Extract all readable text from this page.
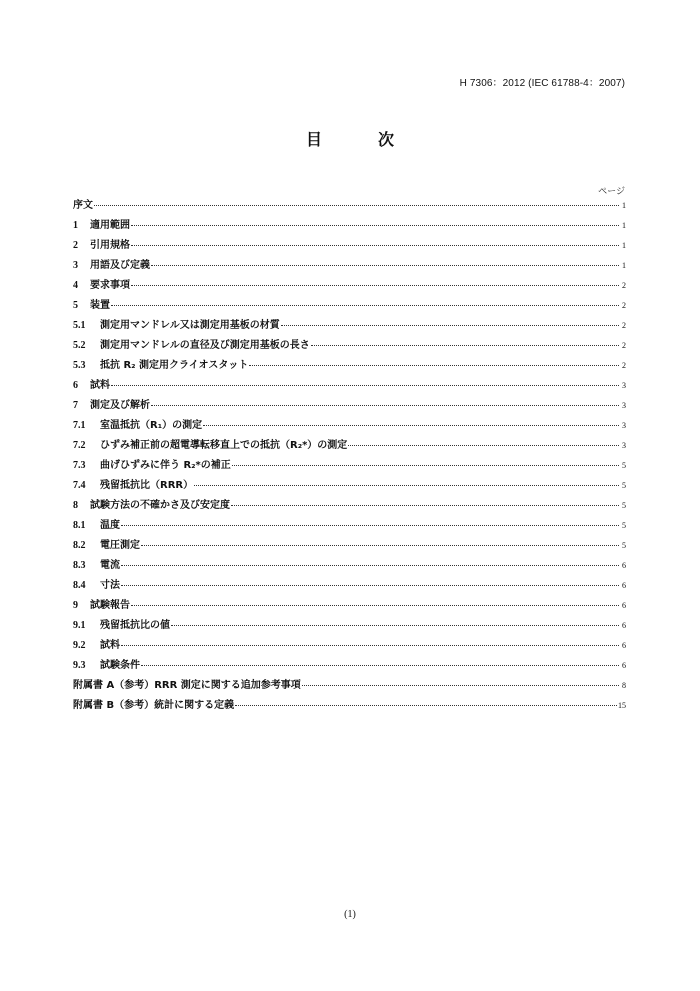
H 7306：2012 (IEC 61788-4：2007)
目　次
ページ
序文	1
1	適用範囲	1
2	引用規格	1
3	用語及び定義	1
4	要求事項	2
5	装置	2
5.1	測定用マンドレル又は測定用基板の材質	2
5.2	測定用マンドレルの直径及び測定用基板の長さ	2
5.3	抵抗 R₂ 測定用クライオスタット	2
6	試料	3
7	測定及び解析	3
7.1	室温抵抗（R₁）の測定	3
7.2	ひずみ補正前の超電導転移直上での抵抗（R₂*）の測定	3
7.3	曲げひずみに伴う R₂*の補正	5
7.4	残留抵抗比（RRR）	5
8	試験方法の不確かさ及び安定度	5
8.1	温度	5
8.2	電圧測定	5
8.3	電流	6
8.4	寸法	6
9	試験報告	6
9.1	残留抵抗比の値	6
9.2	試料	6
9.3	試験条件	6
附属書 A（参考）RRR 測定に関する追加参考事項	8
附属書 B（参考）統計に関する定義	15
(1)
